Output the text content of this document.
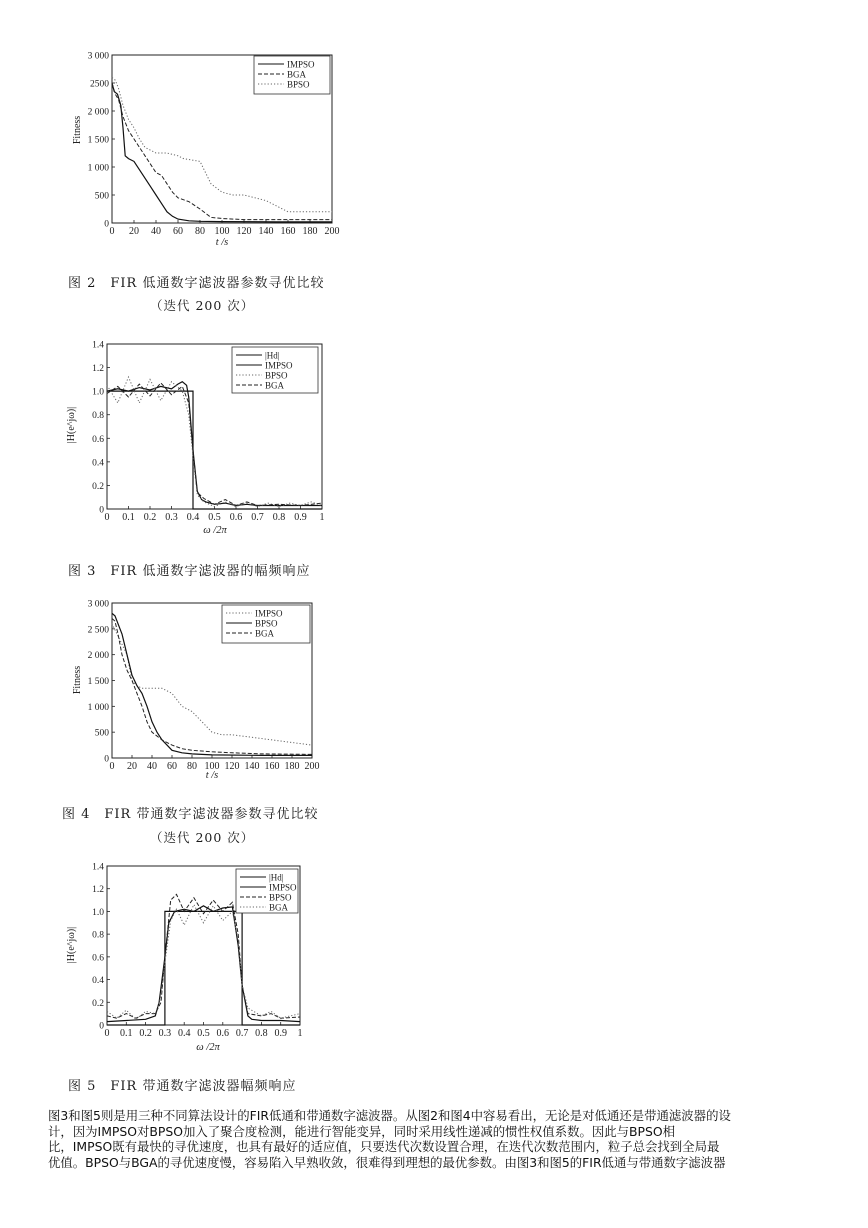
0 20 40 60 80 100 120 140 160 180 200
0
500
1 000
1 500
2 000
2500
3 000
t /s
Fitness
IMPSO
BGA
BPSO
0 0.1 0.2 0.3 0.4 0.5 0.6 0.7 0.8 0.9 1
0
0.2
0.4
0.6
0.8
1.0
1.2
1.4
ω /2π
|H(e^jω)|
|Hd|
IMPSO
BPSO
BGA
0 20 40 60 80 100 120 140 160 180 200
0
500
1 000
1 500
2 000
2 500
3 000
t /s
Fitness
IMPSO
BPSO
BGA
0 0.1 0.2 0.3 0.4 0.5 0.6 0.7 0.8 0.9 1
0
0.2
0.4
0.6
0.8
1.0
1.2
1.4
ω /2π
|H(e^jω)|
|Hd|
IMPSO
BPSO
BGA
图 2 FIR 低通数字滤波器参数寻优比较
（迭代 200 次）
图 3 FIR 低通数字滤波器的幅频响应
图 4 FIR 带通数字滤波器参数寻优比较
（迭代 200 次）
图 5 FIR 带通数字滤波器幅频响应

图3和图5则是用三种不同算法设计的FIR低通和带通数字滤波器。从图2和图4中容易看出，无论是对低通还是带通滤波器的设

计，因为IMPSO对BPSO加入了聚合度检测，能进行智能变异，同时采用线性递减的惯性权值系数。因此与BPSO相

比，IMPSO既有最快的寻优速度，也具有最好的适应值，只要迭代次数设置合理，在迭代次数范围内，粒子总会找到全局最

优值。BPSO与BGA的寻优速度慢，容易陷入早熟收敛，很难得到理想的最优参数。由图3和图5的FIR低通与带通数字滤波器
